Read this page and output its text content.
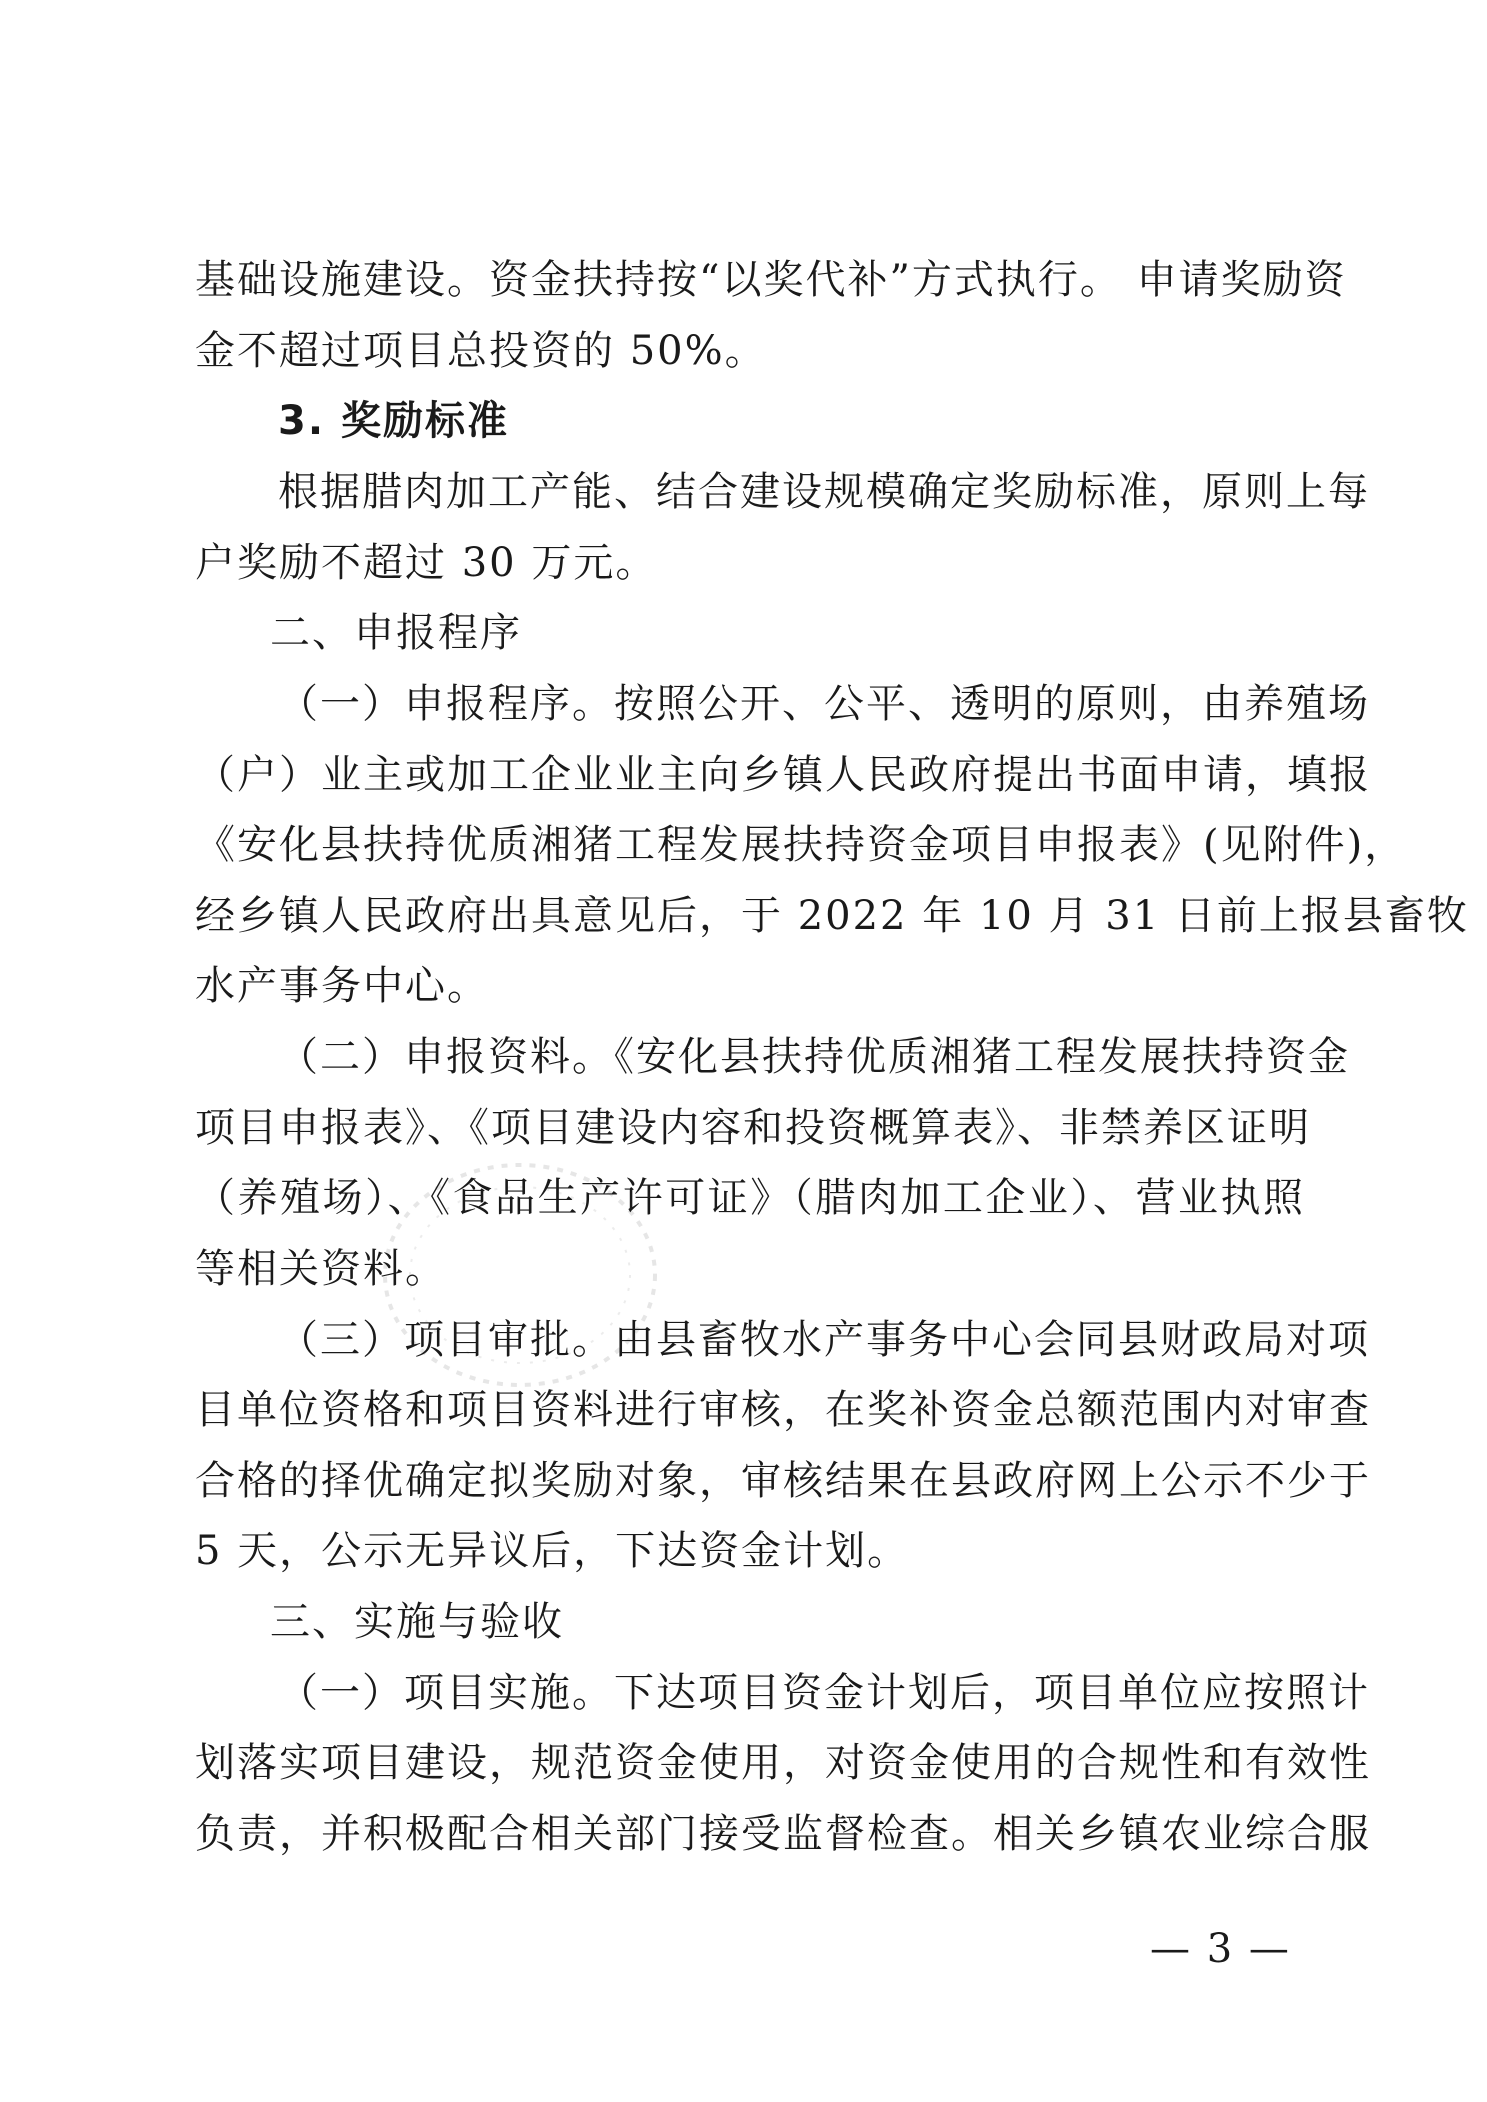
基础设施建设。资金扶持按“以奖代补”方式执行。 申请奖励资
金不超过项目总投资的 50%。
3. 奖励标准
根据腊肉加工产能、结合建设规模确定奖励标准，原则上每
户奖励不超过 30 万元。
二、申报程序
（一）申报程序。按照公开、公平、透明的原则，由养殖场
（户）业主或加工企业业主向乡镇人民政府提出书面申请，填报
《安化县扶持优质湘猪工程发展扶持资金项目申报表》(见附件)，
经乡镇人民政府出具意见后，于 2022 年 10 月 31 日前上报县畜牧
水产事务中心。
（二）申报资料。《安化县扶持优质湘猪工程发展扶持资金
项目申报表》、《项目建设内容和投资概算表》、非禁养区证明
（养殖场）、《食品生产许可证》（腊肉加工企业）、营业执照
等相关资料。
（三）项目审批。由县畜牧水产事务中心会同县财政局对项
目单位资格和项目资料进行审核，在奖补资金总额范围内对审查
合格的择优确定拟奖励对象，审核结果在县政府网上公示不少于
5 天，公示无异议后，下达资金计划。
三、实施与验收
（一）项目实施。下达项目资金计划后，项目单位应按照计
划落实项目建设，规范资金使用，对资金使用的合规性和有效性
负责，并积极配合相关部门接受监督检查。相关乡镇农业综合服
— 3 —
